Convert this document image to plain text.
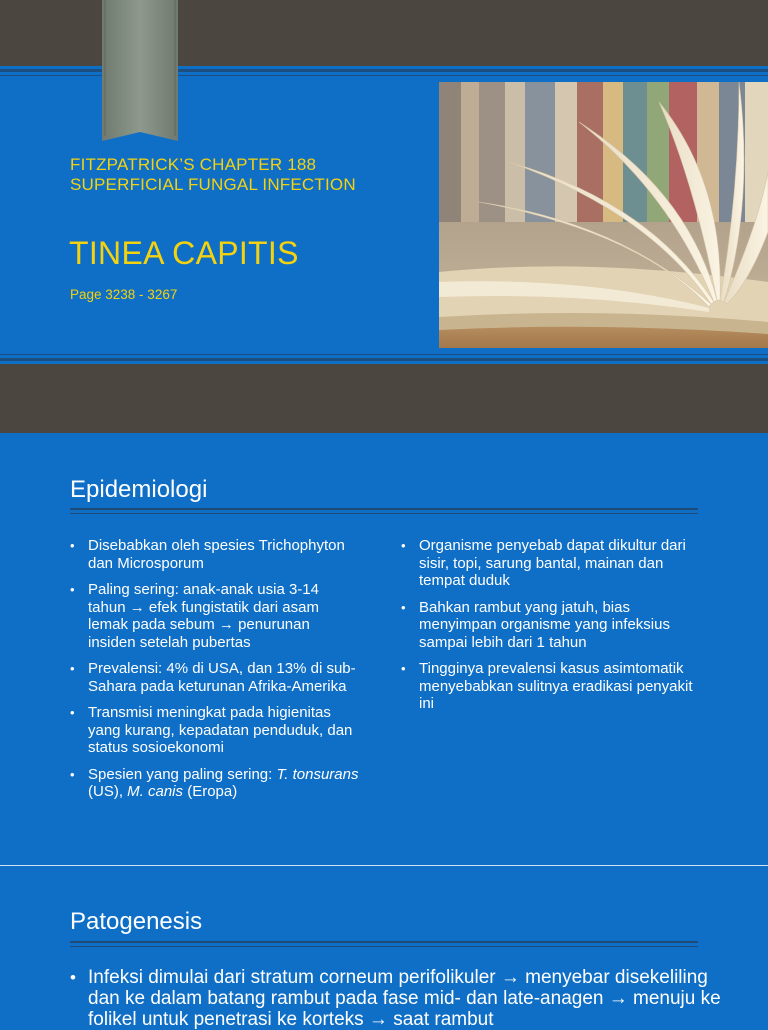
FITZPATRICK’S CHAPTER 188
SUPERFICIAL FUNGAL INFECTION
TINEA CAPITIS
Page 3238 - 3267
Epidemiologi
• Disebabkan oleh spesies Trichophyton dan Microsporum
• Paling sering: anak-anak usia 3-14 tahun → efek fungistatik dari asam lemak pada sebum → penurunan insiden setelah pubertas
• Prevalensi: 4% di USA, dan 13% di sub-Sahara pada keturunan Afrika-Amerika
• Transmisi meningkat pada higienitas yang kurang, kepadatan penduduk, dan status sosioekonomi
• Spesien yang paling sering: T. tonsurans (US), M. canis (Eropa)
• Organisme penyebab dapat dikultur dari sisir, topi, sarung bantal, mainan dan tempat duduk
• Bahkan rambut yang jatuh, bias menyimpan organisme yang infeksius sampai lebih dari 1 tahun
• Tingginya prevalensi kasus asimtomatik menyebabkan sulitnya eradikasi penyakit ini
Patogenesis
• Infeksi dimulai dari stratum corneum perifolikuler → menyebar disekeliling dan ke dalam batang rambut pada fase mid- dan late-anagen → menuju ke folikel untuk penetrasi ke korteks → saat rambut
